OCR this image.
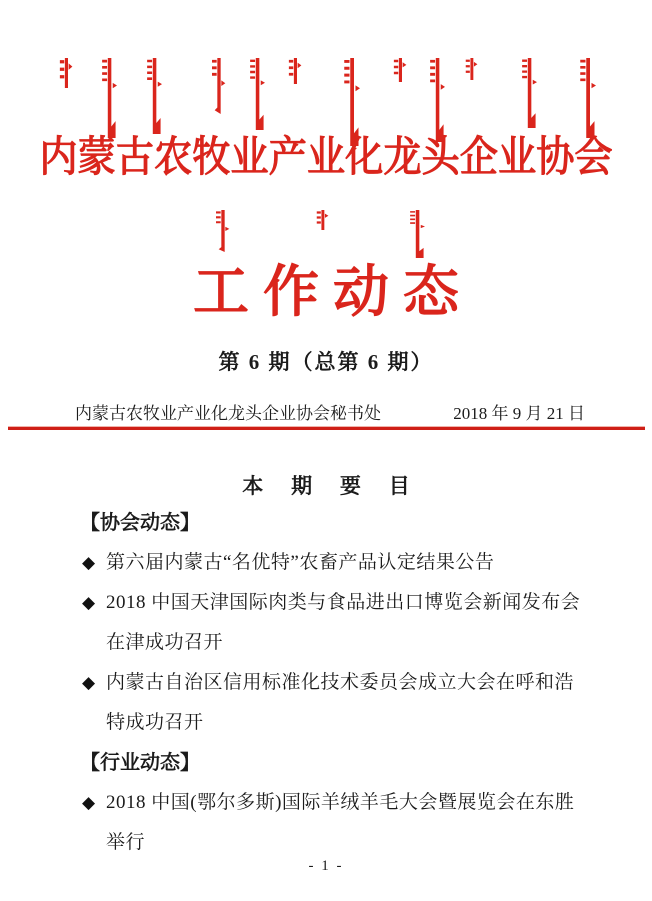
内蒙古农牧业产业化龙头企业协会
工作动态
第 6 期（总第 6 期）
内蒙古农牧业产业化龙头企业协会秘书处	2018 年 9 月 21 日
本 期 要 目
【协会动态】
◆ 第六届内蒙古“名优特”农畜产品认定结果公告
◆ 2018 中国天津国际肉类与食品进出口博览会新闻发布会
在津成功召开
◆ 内蒙古自治区信用标准化技术委员会成立大会在呼和浩
特成功召开
【行业动态】
◆ 2018 中国(鄂尔多斯)国际羊绒羊毛大会暨展览会在东胜
举行
- 1 -
